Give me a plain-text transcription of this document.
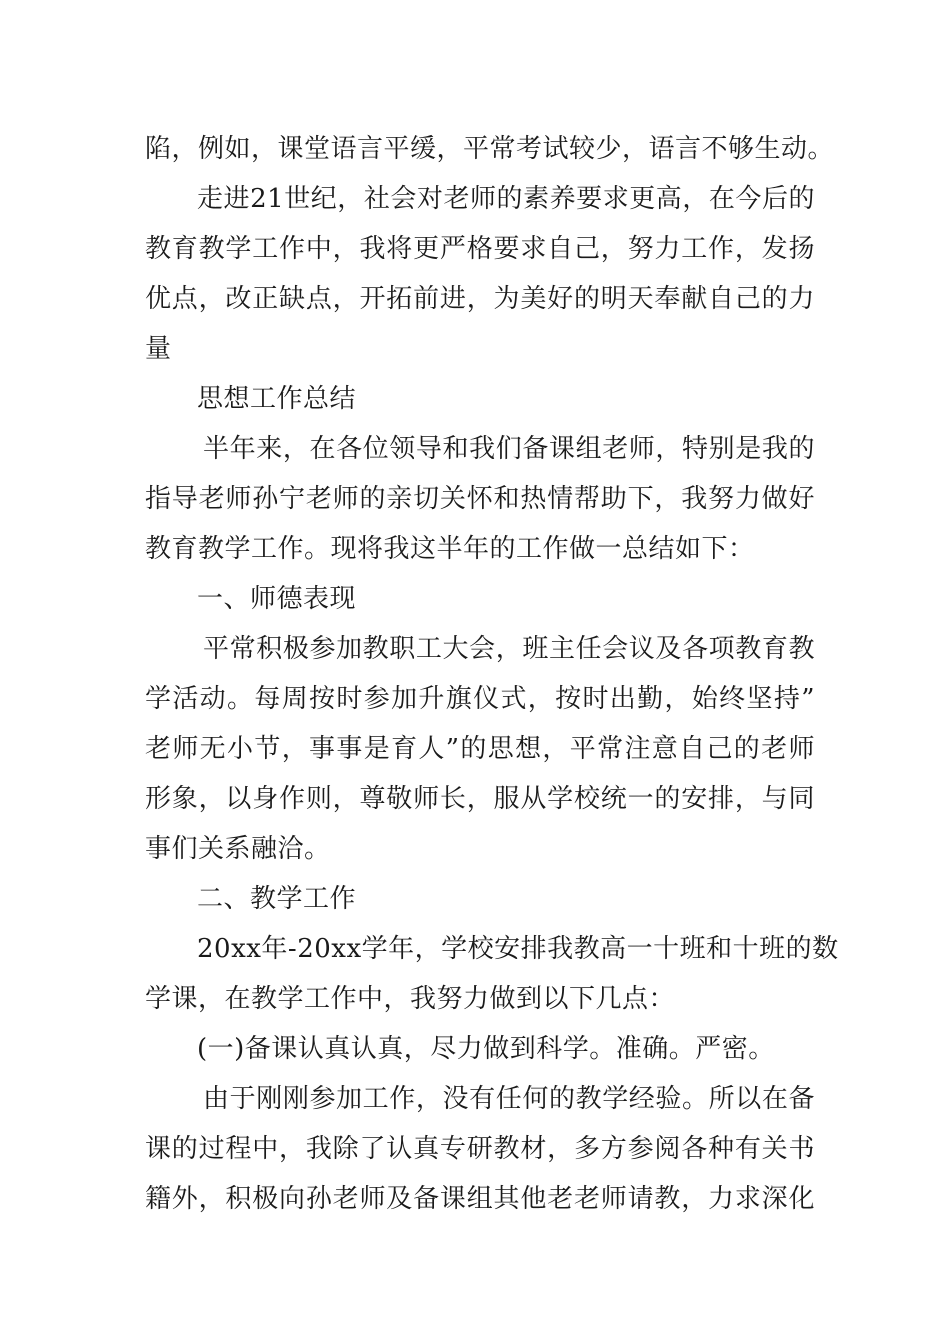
陷，例如，课堂语言平缓，平常考试较少，语言不够生动。
走进21世纪，社会对老师的素养要求更高，在今后的
教育教学工作中，我将更严格要求自己，努力工作，发扬
优点，改正缺点，开拓前进，为美好的明天奉献自己的力
量
思想工作总结
半年来，在各位领导和我们备课组老师，特别是我的
指导老师孙宁老师的亲切关怀和热情帮助下，我努力做好
教育教学工作。现将我这半年的工作做一总结如下：
一、师德表现
平常积极参加教职工大会，班主任会议及各项教育教
学活动。每周按时参加升旗仪式，按时出勤，始终坚持”
老师无小节，事事是育人”的思想，平常注意自己的老师
形象，以身作则，尊敬师长，服从学校统一的安排，与同
事们关系融洽。
二、教学工作
20xx年-20xx学年，学校安排我教高一十班和十班的数
学课，在教学工作中，我努力做到以下几点：
(一)备课认真认真，尽力做到科学。准确。严密。
由于刚刚参加工作，没有任何的教学经验。所以在备
课的过程中，我除了认真专研教材，多方参阅各种有关书
籍外，积极向孙老师及备课组其他老老师请教，力求深化
